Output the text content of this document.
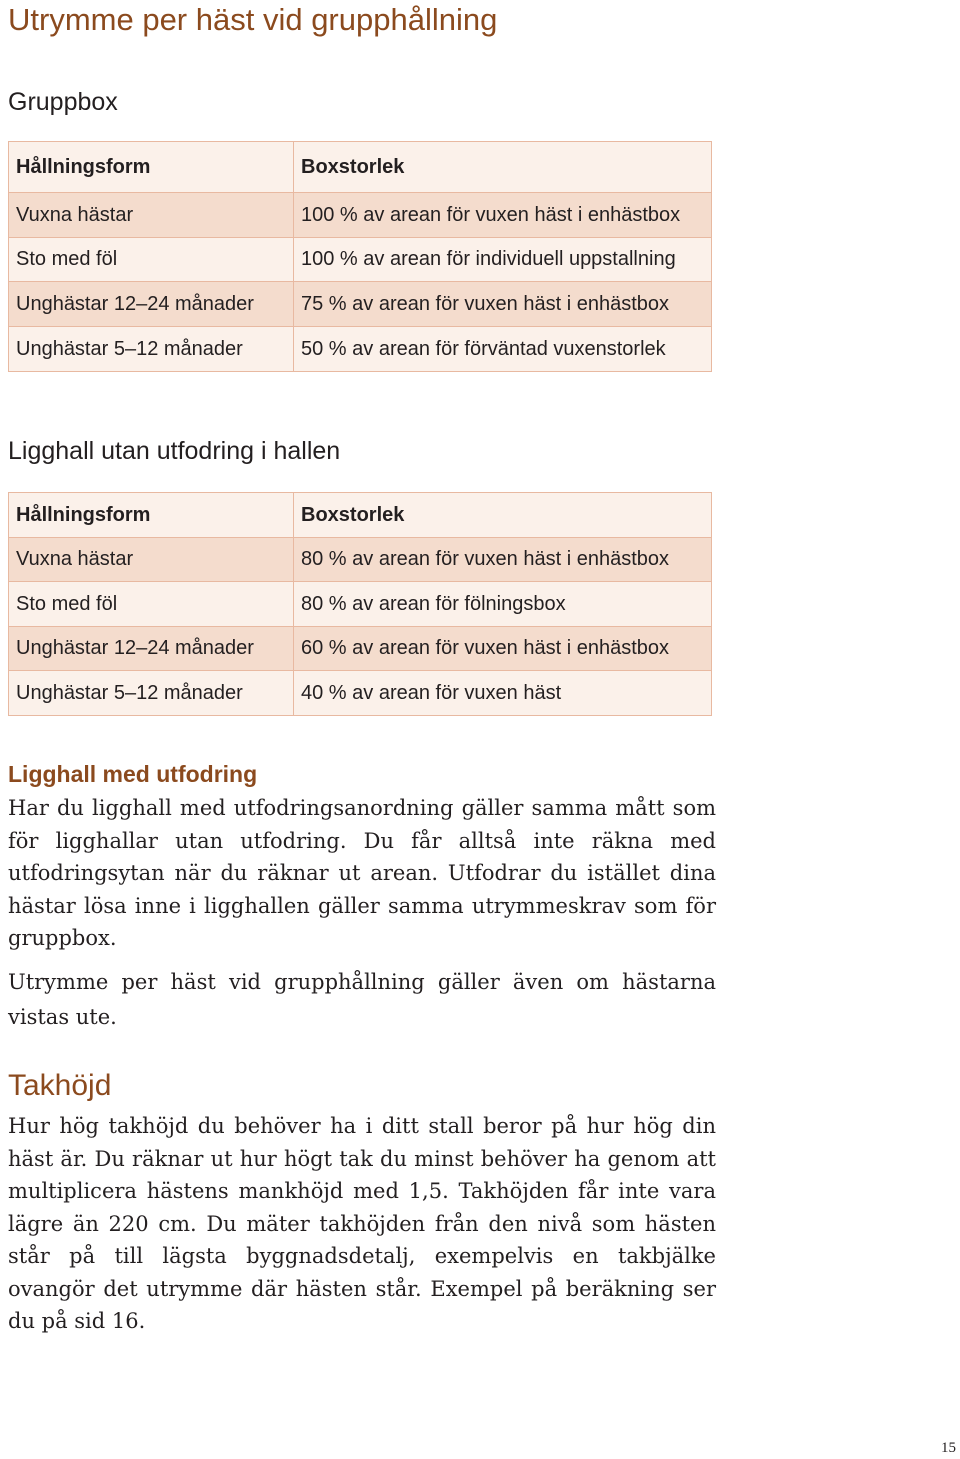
Utrymme per häst vid grupphållning
Gruppbox
Hållningsform	Boxstorlek
Vuxna hästar	100 % av arean för vuxen häst i enhästbox
Sto med föl	100 % av arean för individuell uppstallning
Unghästar 12–24 månader	75 % av arean för vuxen häst i enhästbox
Unghästar 5–12 månader	50 % av arean för förväntad vuxenstorlek
Ligghall utan utfodring i hallen
Hållningsform	Boxstorlek
Vuxna hästar	80 % av arean för vuxen häst i enhästbox
Sto med föl	80 % av arean för fölningsbox
Unghästar 12–24 månader	60 % av arean för vuxen häst i enhästbox
Unghästar 5–12 månader	40 % av arean för vuxen häst
Ligghall med utfodring

Har du ligghall med utfodringsanordning gäller samma mått som för ligghallar utan utfodring. Du får alltså inte räkna med utfodringsytan när du räknar ut arean. Utfodrar du istället dina hästar lösa inne i ligghallen gäller samma utrymmeskrav som för gruppbox.

Utrymme per häst vid grupphållning gäller även om hästarna vistas ute.

Takhöjd

Hur hög takhöjd du behöver ha i ditt stall beror på hur hög din häst är. Du räknar ut hur högt tak du minst behöver ha genom att multiplicera hästens mankhöjd med 1,5. Takhöjden får inte vara lägre än 220 cm. Du mäter takhöjden från den nivå som hästen står på till lägsta byggnadsdetalj, exempelvis en takbjälke ovangör det utrymme där hästen står. Exempel på beräkning ser du på sid 16.

15
